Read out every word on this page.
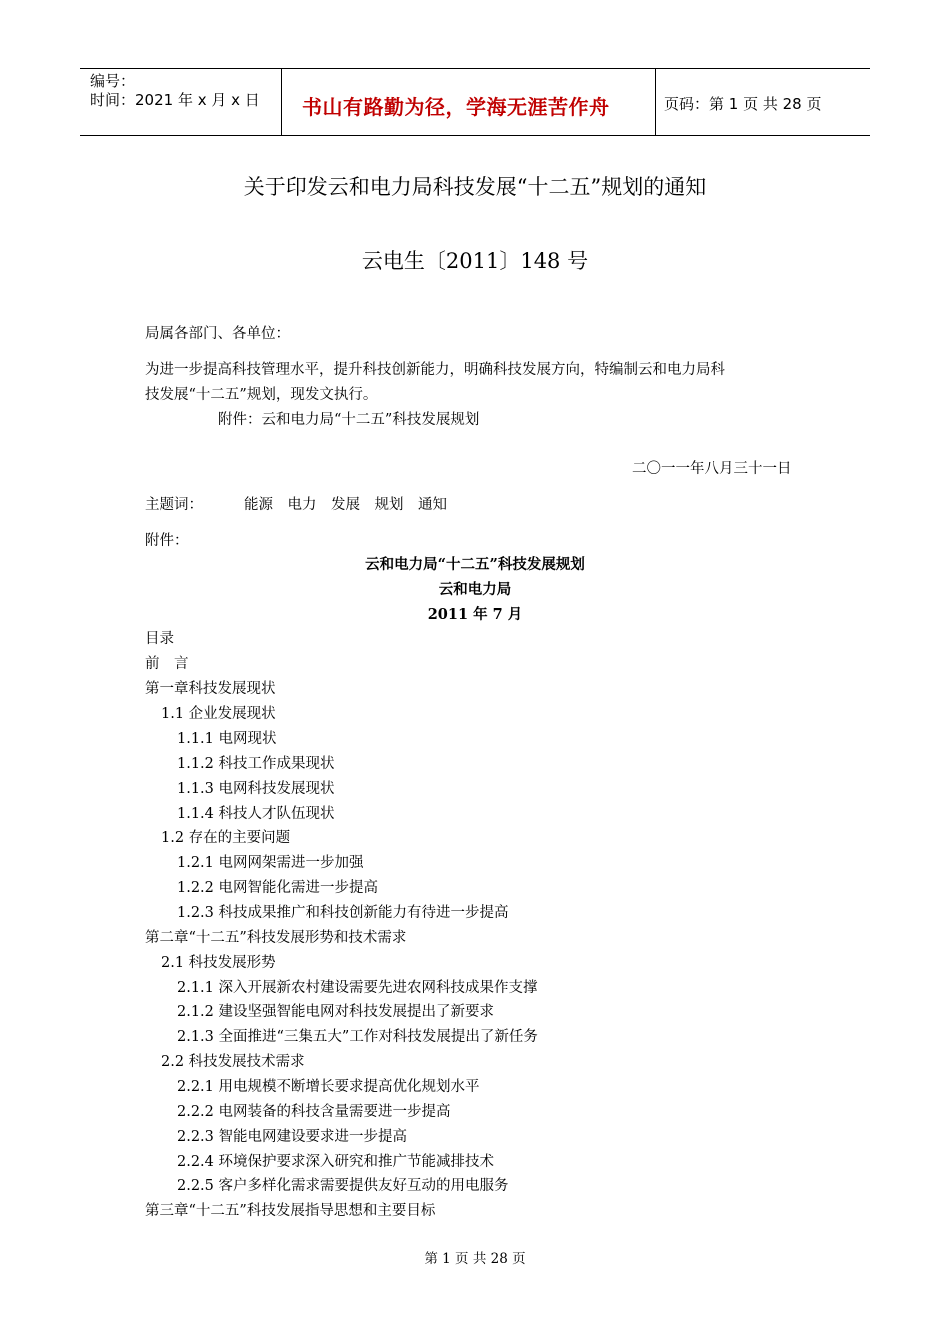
编号：
时间：2021 年 x 月 x 日 书山有路勤为径，学海无涯苦作舟	页码：第 1 页 共 28 页
关于印发云和电力局科技发展“十二五”规划的通知
云电生〔2011〕148 号
局属各部门、各单位：
为进一步提高科技管理水平，提升科技创新能力，明确科技发展方向，特编制云和电力局科
技发展“十二五”规划，现发文执行。
附件：云和电力局“十二五”科技发展规划
二〇一一年八月三十一日
主题词：	能源　电力　发展　规划　通知
附件：
云和电力局“十二五”科技发展规划
云和电力局
2011 年 7 月
目录
前　言
第一章科技发展现状
1.1 企业发展现状
1.1.1 电网现状
1.1.2 科技工作成果现状
1.1.3 电网科技发展现状
1.1.4 科技人才队伍现状
1.2 存在的主要问题
1.2.1 电网网架需进一步加强
1.2.2 电网智能化需进一步提高
1.2.3 科技成果推广和科技创新能力有待进一步提高
第二章“十二五”科技发展形势和技术需求
2.1 科技发展形势
2.1.1 深入开展新农村建设需要先进农网科技成果作支撑
2.1.2 建设坚强智能电网对科技发展提出了新要求
2.1.3 全面推进“三集五大”工作对科技发展提出了新任务
2.2 科技发展技术需求
2.2.1 用电规模不断增长要求提高优化规划水平
2.2.2 电网装备的科技含量需要进一步提高
2.2.3 智能电网建设要求进一步提高
2.2.4 环境保护要求深入研究和推广节能减排技术
2.2.5 客户多样化需求需要提供友好互动的用电服务
第三章“十二五”科技发展指导思想和主要目标
第 1 页 共 28 页
